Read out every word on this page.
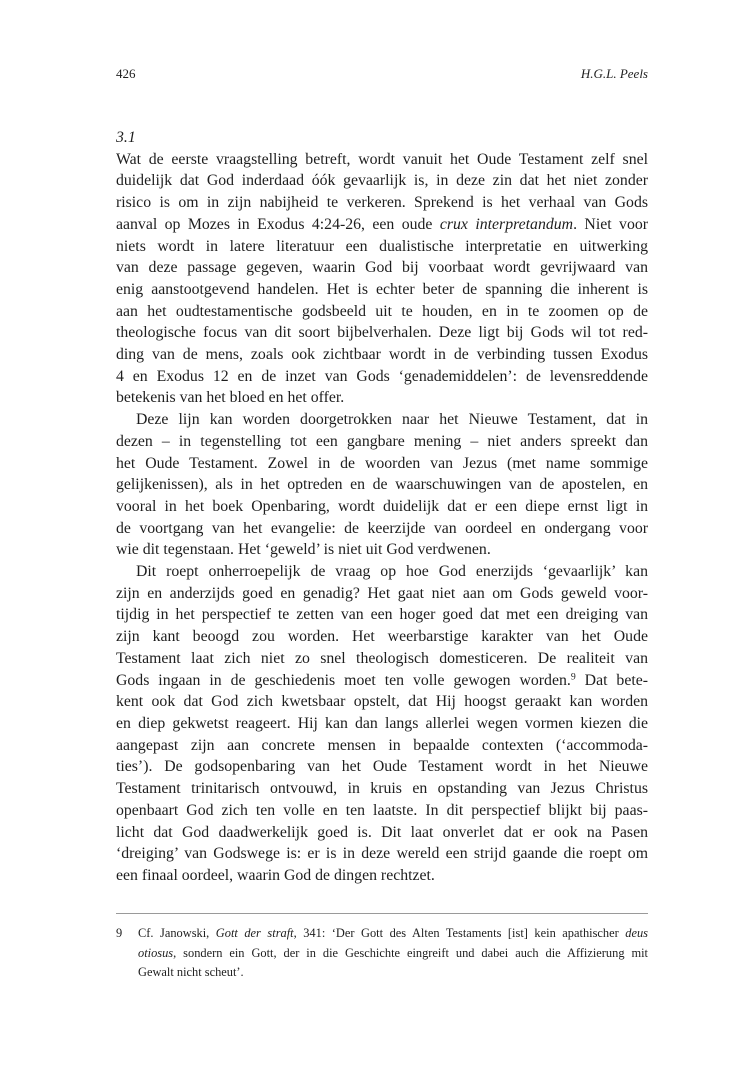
426	H.G.L. Peels

3.1

Wat de eerste vraagstelling betreft, wordt vanuit het Oude Testament zelf snel
duidelijk dat God inderdaad óók gevaarlijk is, in deze zin dat het niet zonder
risico is om in zijn nabijheid te verkeren. Sprekend is het verhaal van Gods
aanval op Mozes in Exodus 4:24-26, een oude crux interpretandum. Niet voor
niets wordt in latere literatuur een dualistische interpretatie en uitwerking
van deze passage gegeven, waarin God bij voorbaat wordt gevrijwaard van
enig aanstootgevend handelen. Het is echter beter de spanning die inherent is
aan het oudtestamentische godsbeeld uit te houden, en in te zoomen op de
theologische focus van dit soort bijbelverhalen. Deze ligt bij Gods wil tot red-
ding van de mens, zoals ook zichtbaar wordt in de verbinding tussen Exodus
4 en Exodus 12 en de inzet van Gods ‘genademiddelen’: de levensreddende
betekenis van het bloed en het offer.
Deze lijn kan worden doorgetrokken naar het Nieuwe Testament, dat in
dezen – in tegenstelling tot een gangbare mening – niet anders spreekt dan
het Oude Testament. Zowel in de woorden van Jezus (met name sommige
gelijkenissen), als in het optreden en de waarschuwingen van de apostelen, en
vooral in het boek Openbaring, wordt duidelijk dat er een diepe ernst ligt in
de voortgang van het evangelie: de keerzijde van oordeel en ondergang voor
wie dit tegenstaan. Het ‘geweld’ is niet uit God verdwenen.
Dit roept onherroepelijk de vraag op hoe God enerzijds ‘gevaarlijk’ kan
zijn en anderzijds goed en genadig? Het gaat niet aan om Gods geweld voor-
tijdig in het perspectief te zetten van een hoger goed dat met een dreiging van
zijn kant beoogd zou worden. Het weerbarstige karakter van het Oude
Testament laat zich niet zo snel theologisch domesticeren. De realiteit van
Gods ingaan in de geschiedenis moet ten volle gewogen worden.$^9$ Dat bete-
kent ook dat God zich kwetsbaar opstelt, dat Hij hoogst geraakt kan worden
en diep gekwetst reageert. Hij kan dan langs allerlei wegen vormen kiezen die
aangepast zijn aan concrete mensen in bepaalde contexten (‘accommoda-
ties’). De godsopenbaring van het Oude Testament wordt in het Nieuwe
Testament trinitarisch ontvouwd, in kruis en opstanding van Jezus Christus
openbaart God zich ten volle en ten laatste. In dit perspectief blijkt bij paas-
licht dat God daadwerkelijk goed is. Dit laat onverlet dat er ook na Pasen
‘dreiging’ van Godswege is: er is in deze wereld een strijd gaande die roept om
een finaal oordeel, waarin God de dingen rechtzet.
9 Cf. Janowski, Gott der straft, 341: ‘Der Gott des Alten Testaments [ist] kein apathischer deus
otiosus, sondern ein Gott, der in die Geschichte eingreift und dabei auch die Affizierung mit
Gewalt nicht scheut’.
